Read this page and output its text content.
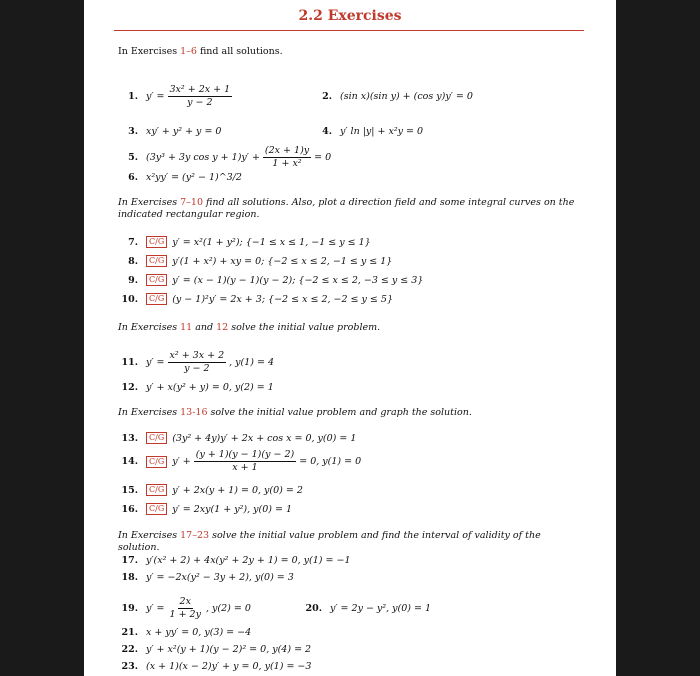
2.2 Exercises
In Exercises 1–6 find all solutions.
1. $y' = \frac{\text{3x² + 2x + 1}}{y - 2}$	2. (sin x)(sin y) + (cos y)y′ = 0
3. xy′ + y² + y = 0	4. y′ ln |y| + x²y = 0
5. (3y³ + 3y $\cos y + 1)y' + \frac{(2x + 1)y}{\text{1 + x²}} = 0$
6. x²yy′ = (y² − 1)^3/2
In Exercises 7–10 find all solutions. Also, plot a direction field and some integral curves on the indicated rectangular region.
7.	C/G y′ = x²(1 + y²); {−1 ≤ x ≤ 1, −1 ≤ y ≤ 1}
8.	C/G y′(1 + x²) + xy = 0; {−2 ≤ x ≤ 2, −1 ≤ y ≤ 1}
9.	C/G y′ = (x − 1)(y − 1)(y − 2); {−2 ≤ x ≤ 2, −3 ≤ y ≤ 3}
10.	C/G (y − 1)²y′ = 2x + 3; {−2 ≤ x ≤ 2, −2 ≤ y ≤ 5}
In Exercises 11 and 12 solve the initial value problem.
11. $y' = \frac{\text{x² + 3x + 2}}{y - 2}$ , y(1) = 4
12. y′ + x(y² + y) = 0, y(2) = 1
In Exercises 13-16 solve the initial value problem and graph the solution.
13.	C/G (3y² + 4y)y′ + 2x + cos x = 0, y(0) = 1
14.	C/G $y' + \frac{(y + 1)(y - 1)(y - 2)}{x + 1} = 0$, y(1) = 0
15.	C/G y′ + 2x(y + 1) = 0, y(0) = 2
16.	C/G y′ = 2xy(1 + y²), y(0) = 1
In Exercises 17–23 solve the initial value problem and find the interval of validity of the solution.
17. y′(x² + 2) + 4x(y² + 2y + 1) = 0, y(1) = −1
18. y′ = −2x(y² − 3y + 2), y(0) = 3
19. $y' = \frac{2x}{1 + 2y}$ , y(2) = 0	20. y′ = 2y − y², y(0) = 1
21. x + yy′ = 0, y(3) = −4
22. y′ + x²(y + 1)(y − 2)² = 0, y(4) = 2
23. (x + 1)(x − 2)y′ + y = 0, y(1) = −3
